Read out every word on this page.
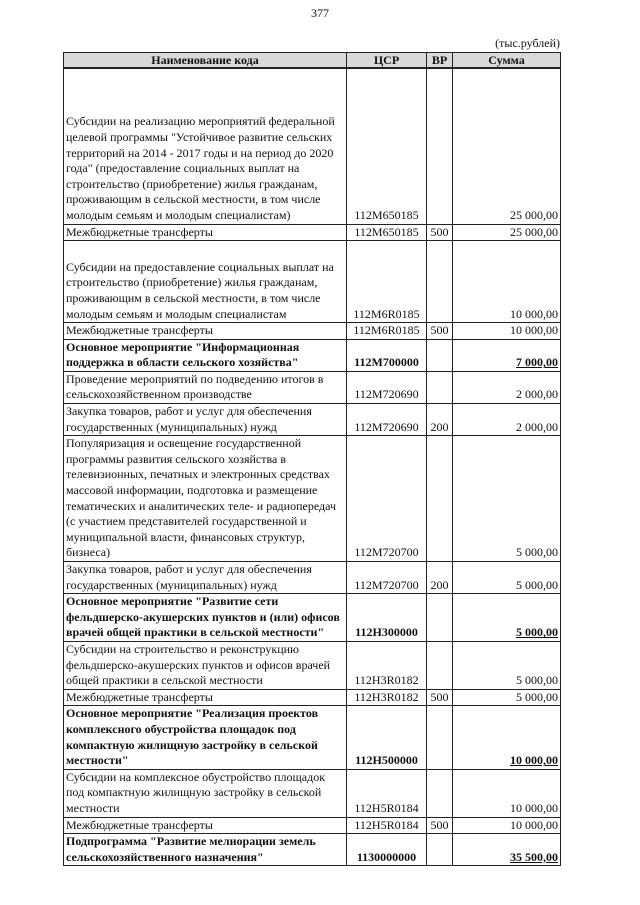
377
(тыс.рублей)
Наименование кода	ЦСР	ВР	Сумма
Субсидии на реализацию мероприятий федеральной целевой программы "Устойчивое развитие сельских территорий на 2014 - 2017 годы и на период до 2020 года" (предоставление социальных выплат на строительство (приобретение) жилья гражданам, проживающим в сельской местности, в том числе молодым семьям и молодым специалистам)	112М650185		25 000,00
Межбюджетные трансферты	112М650185	500	25 000,00
Субсидии на предоставление социальных выплат на строительство (приобретение) жилья гражданам, проживающим в сельской местности, в том числе молодым семьям и молодым специалистам	112М6R0185		10 000,00
Межбюджетные трансферты	112М6R0185	500	10 000,00
Основное мероприятие "Информационная поддержка в области сельского хозяйства"	112М700000		7 000,00
Проведение мероприятий по подведению итогов в сельскохозяйственном производстве	112М720690		2 000,00
Закупка товаров, работ и услуг для обеспечения государственных (муниципальных) нужд	112М720690	200	2 000,00
Популяризация и освещение государственной программы развития сельского хозяйства в телевизионных, печатных и электронных средствах массовой информации, подготовка и размещение тематических и аналитических теле- и радиопередач (с участием представителей государственной и муниципальной власти, финансовых структур, бизнеса)	112М720700		5 000,00
Закупка товаров, работ и услуг для обеспечения государственных (муниципальных) нужд	112М720700	200	5 000,00
Основное мероприятие "Развитие сети фельдшерско-акушерских пунктов и (или) офисов врачей общей практики в сельской местности"	112Н300000		5 000,00
Субсидии на строительство и реконструкцию фельдшерско-акушерских пунктов и офисов врачей общей практики в сельской местности	112Н3R0182		5 000,00
Межбюджетные трансферты	112Н3R0182	500	5 000,00
Основное мероприятие "Реализация проектов комплексного обустройства площадок под компактную жилищную застройку в сельской местности"	112Н500000		10 000,00
Субсидии на комплексное обустройство площадок под компактную жилищную застройку в сельской местности	112Н5R0184		10 000,00
Межбюджетные трансферты	112Н5R0184	500	10 000,00
Подпрограмма "Развитие мелиорации земель сельскохозяйственного назначения"	1130000000		35 500,00
